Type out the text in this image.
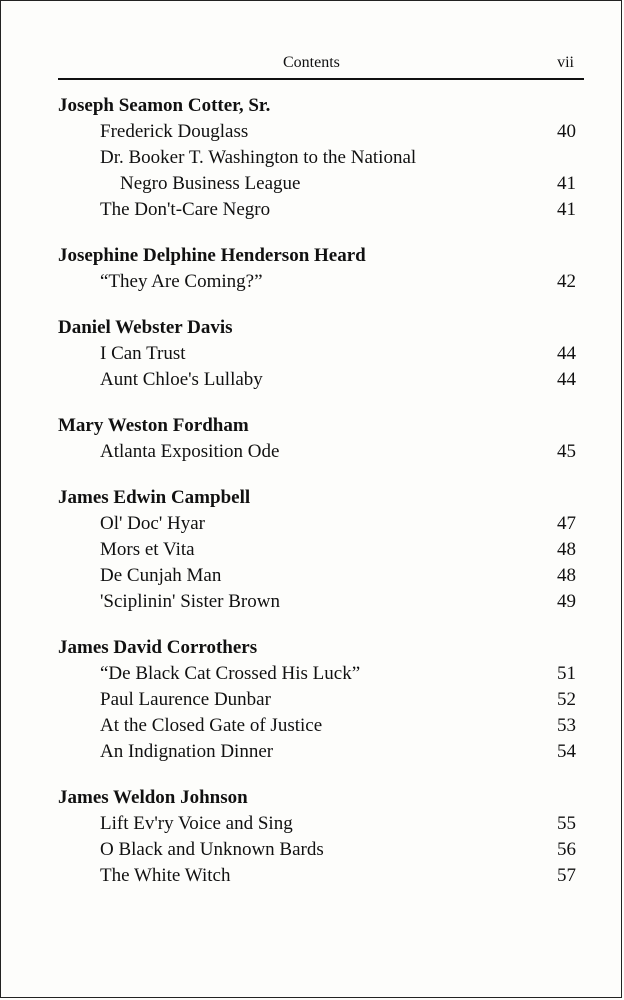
Contents	vii
Joseph Seamon Cotter, Sr.
Frederick Douglass	40
Dr. Booker T. Washington to the National
Negro Business League	41
The Don't-Care Negro	41
Josephine Delphine Henderson Heard
“They Are Coming?”	42
Daniel Webster Davis
I Can Trust	44
Aunt Chloe's Lullaby	44
Mary Weston Fordham
Atlanta Exposition Ode	45
James Edwin Campbell
Ol' Doc' Hyar	47
Mors et Vita	48
De Cunjah Man	48
'Sciplinin' Sister Brown	49
James David Corrothers
“De Black Cat Crossed His Luck”	51
Paul Laurence Dunbar	52
At the Closed Gate of Justice	53
An Indignation Dinner	54
James Weldon Johnson
Lift Ev'ry Voice and Sing	55
O Black and Unknown Bards	56
The White Witch	57
